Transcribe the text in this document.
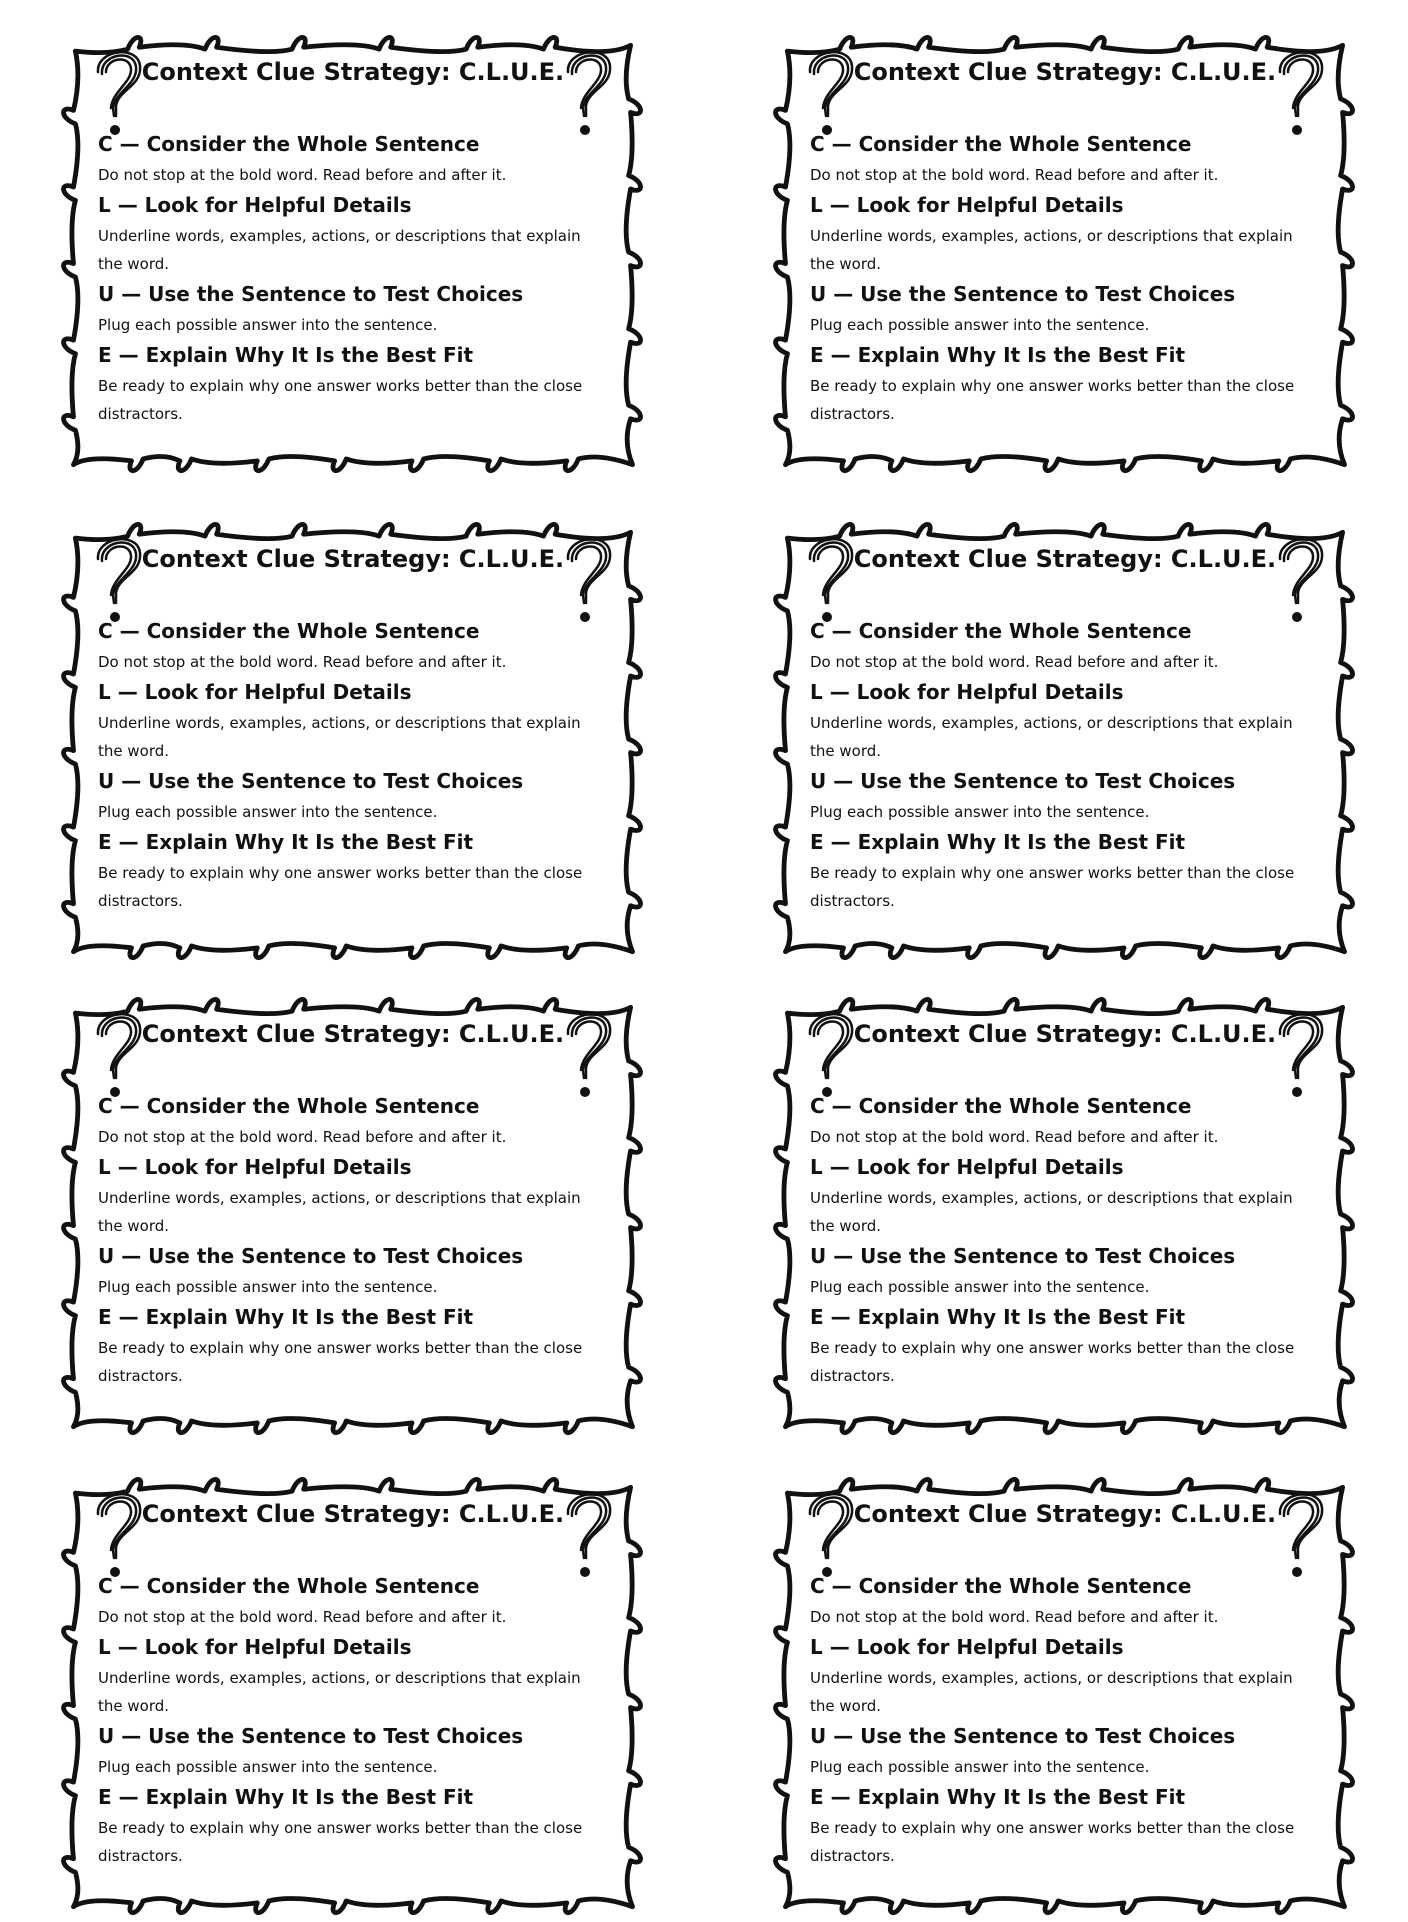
Context Clue Strategy: C.L.U.E.

C — Consider the Whole Sentence

Do not stop at the bold word. Read before and after it.

L — Look for Helpful Details

Underline words, examples, actions, or descriptions that explain the word.

U — Use the Sentence to Test Choices

Plug each possible answer into the sentence.

E — Explain Why It Is the Best Fit

Be ready to explain why one answer works better than the close distractors.

Context Clue Strategy: C.L.U.E.

C — Consider the Whole Sentence

Do not stop at the bold word. Read before and after it.

L — Look for Helpful Details

Underline words, examples, actions, or descriptions that explain the word.

U — Use the Sentence to Test Choices

Plug each possible answer into the sentence.

E — Explain Why It Is the Best Fit

Be ready to explain why one answer works better than the close distractors.

Context Clue Strategy: C.L.U.E.

C — Consider the Whole Sentence

Do not stop at the bold word. Read before and after it.

L — Look for Helpful Details

Underline words, examples, actions, or descriptions that explain the word.

U — Use the Sentence to Test Choices

Plug each possible answer into the sentence.

E — Explain Why It Is the Best Fit

Be ready to explain why one answer works better than the close distractors.

Context Clue Strategy: C.L.U.E.

C — Consider the Whole Sentence

Do not stop at the bold word. Read before and after it.

L — Look for Helpful Details

Underline words, examples, actions, or descriptions that explain the word.

U — Use the Sentence to Test Choices

Plug each possible answer into the sentence.

E — Explain Why It Is the Best Fit

Be ready to explain why one answer works better than the close distractors.

Context Clue Strategy: C.L.U.E.

C — Consider the Whole Sentence

Do not stop at the bold word. Read before and after it.

L — Look for Helpful Details

Underline words, examples, actions, or descriptions that explain the word.

U — Use the Sentence to Test Choices

Plug each possible answer into the sentence.

E — Explain Why It Is the Best Fit

Be ready to explain why one answer works better than the close distractors.

Context Clue Strategy: C.L.U.E.

C — Consider the Whole Sentence

Do not stop at the bold word. Read before and after it.

L — Look for Helpful Details

Underline words, examples, actions, or descriptions that explain the word.

U — Use the Sentence to Test Choices

Plug each possible answer into the sentence.

E — Explain Why It Is the Best Fit

Be ready to explain why one answer works better than the close distractors.

Context Clue Strategy: C.L.U.E.

C — Consider the Whole Sentence

Do not stop at the bold word. Read before and after it.

L — Look for Helpful Details

Underline words, examples, actions, or descriptions that explain the word.

U — Use the Sentence to Test Choices

Plug each possible answer into the sentence.

E — Explain Why It Is the Best Fit

Be ready to explain why one answer works better than the close distractors.

Context Clue Strategy: C.L.U.E.

C — Consider the Whole Sentence

Do not stop at the bold word. Read before and after it.

L — Look for Helpful Details

Underline words, examples, actions, or descriptions that explain the word.

U — Use the Sentence to Test Choices

Plug each possible answer into the sentence.

E — Explain Why It Is the Best Fit

Be ready to explain why one answer works better than the close distractors.
